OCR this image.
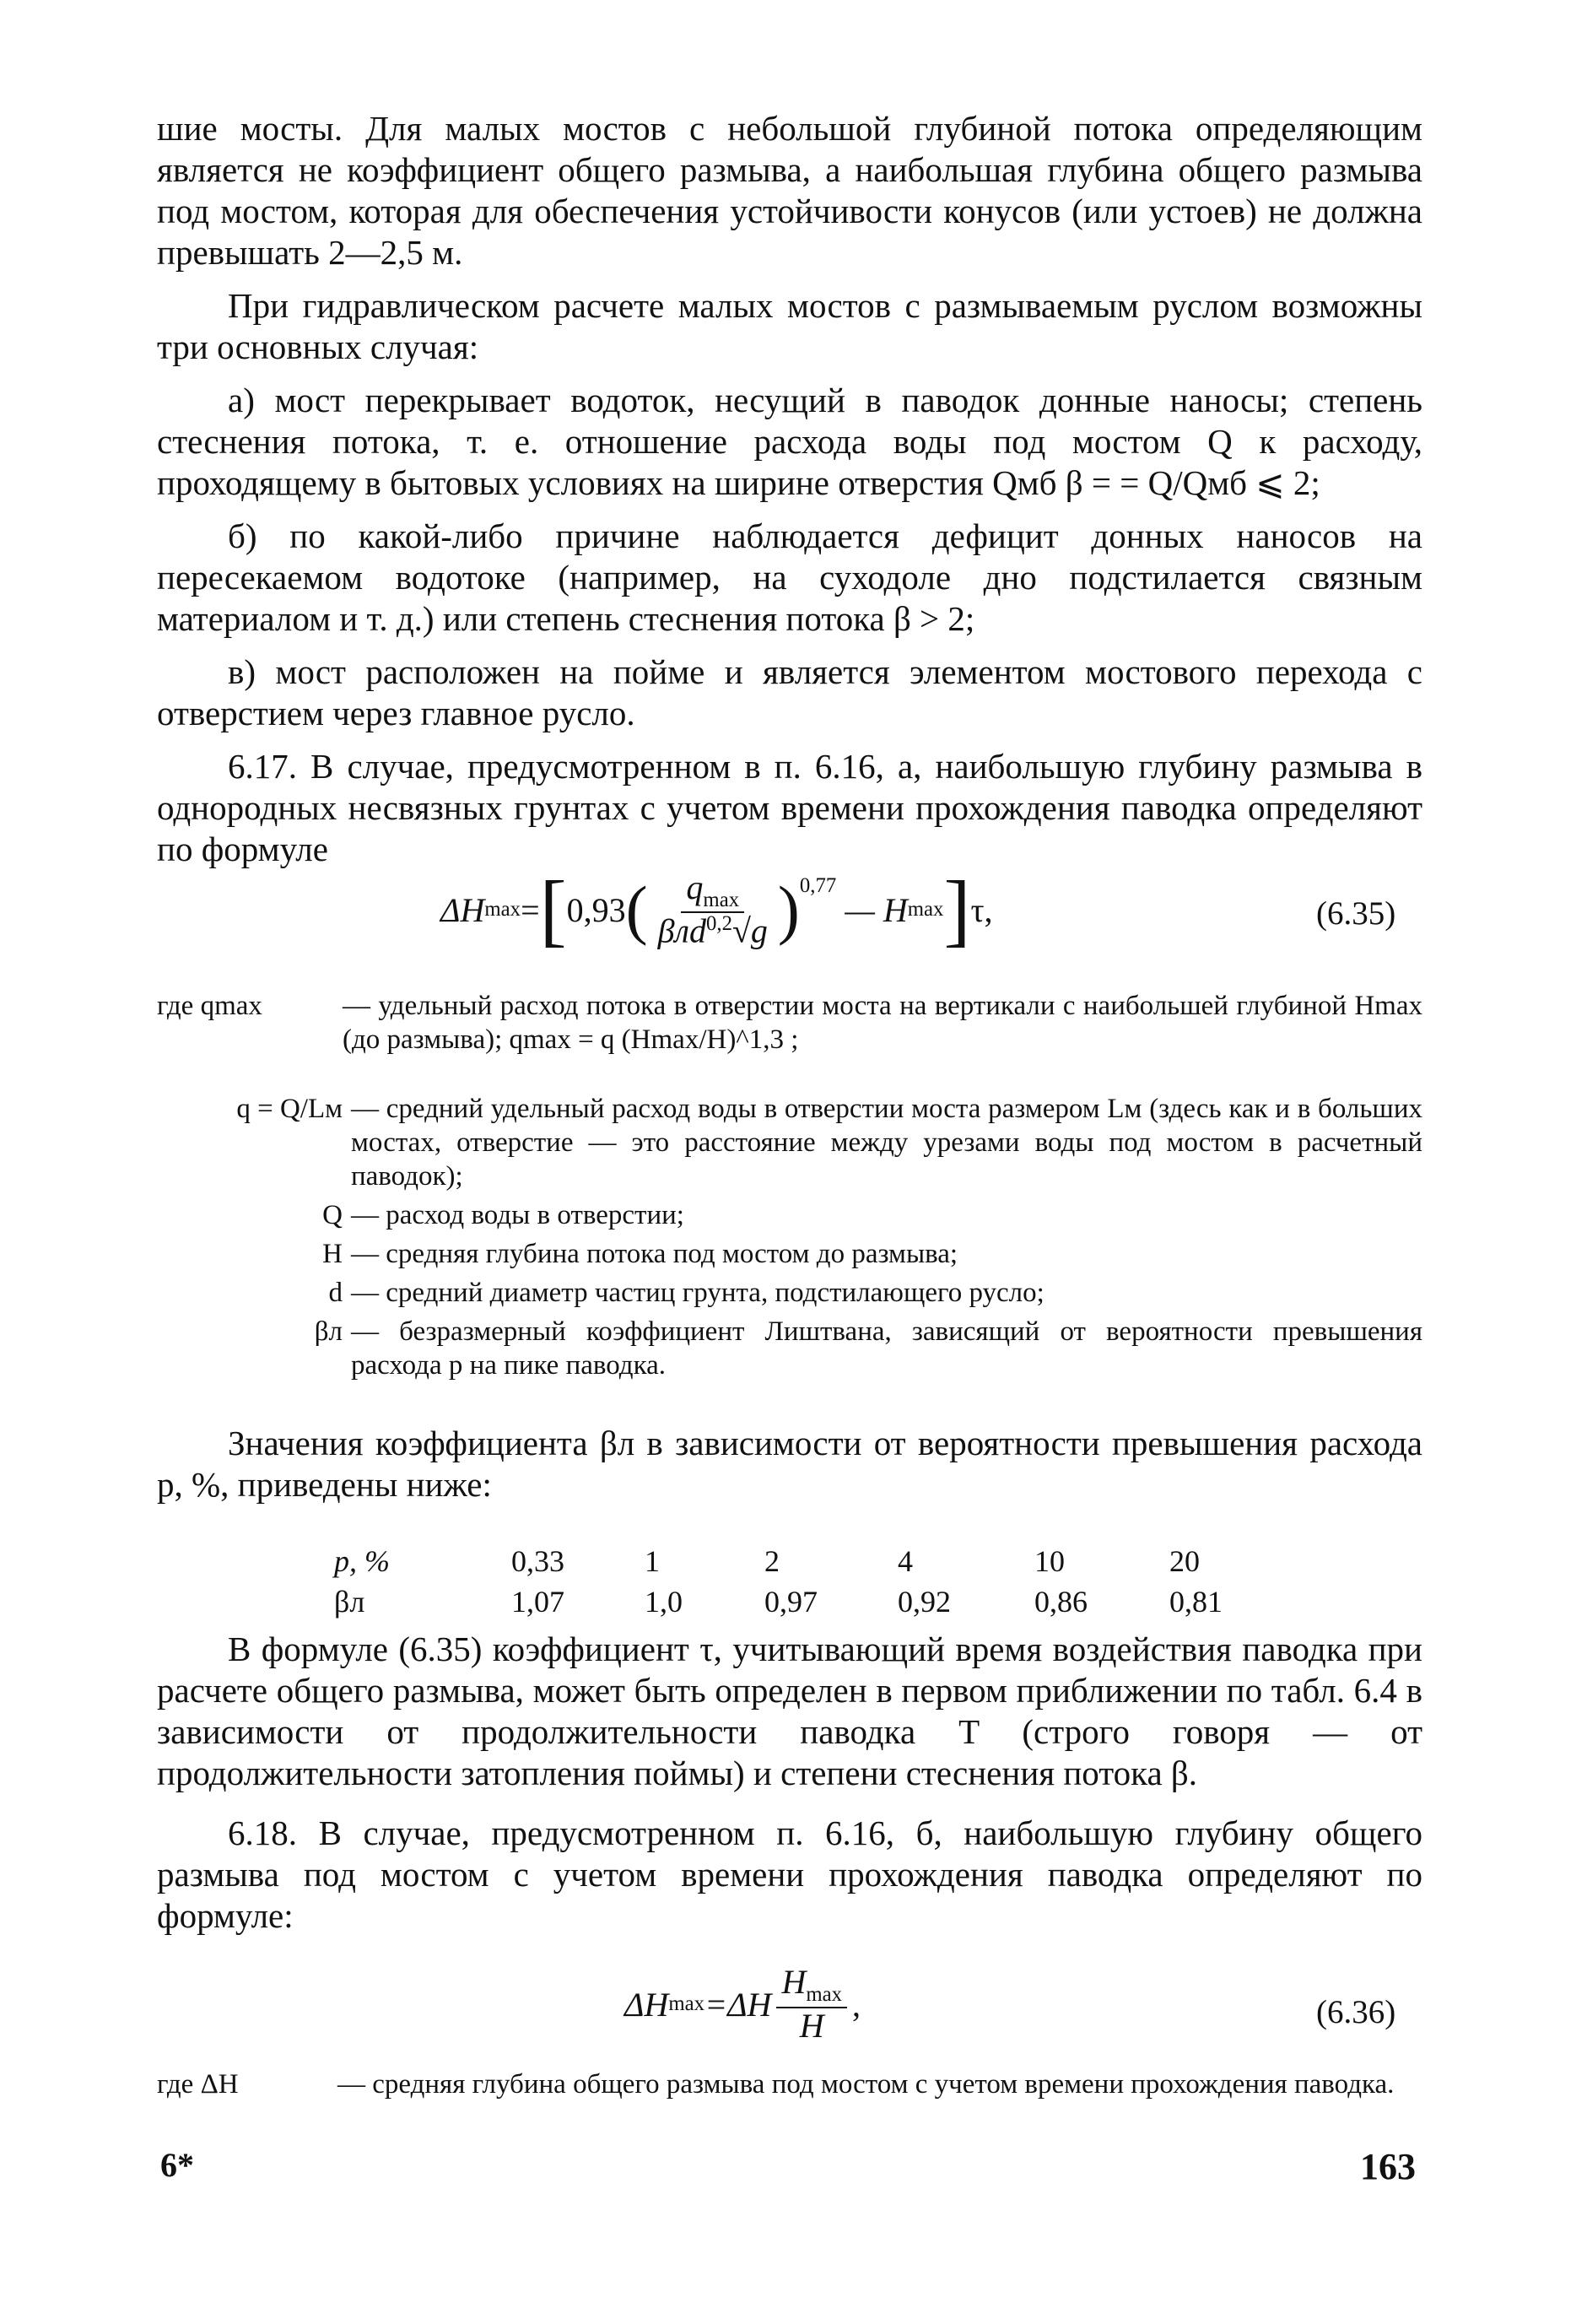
шие мосты. Для малых мостов с небольшой глубиной потока определяющим является не коэффициент общего размыва, а наибольшая глубина общего размыва под мостом, которая для обеспечения устойчивости конусов (или устоев) не должна превышать 2—2,5 м.

При гидравлическом расчете малых мостов с размываемым руслом возможны три основных случая:

а) мост перекрывает водоток, несущий в паводок донные наносы; степень стеснения потока, т. е. отношение расхода воды под мостом Q к расходу, проходящему в бытовых условиях на ширине отверстия Qмб β = = Q/Qмб ⩽ 2;

б) по какой-либо причине наблюдается дефицит донных наносов на пересекаемом водотоке (например, на суходоле дно подстилается связным материалом и т. д.) или степень стеснения потока β > 2;

в) мост расположен на пойме и является элементом мостового перехода с отверстием через главное русло.

6.17. В случае, предусмотренном в п. 6.16, а, наибольшую глубину размыва в однородных несвязных грунтах с учетом времени прохождения паводка определяют по формуле

ΔH max = [ 0,93 ( $\frac{q_{max}}{\beta лd^{0,2}√g} )^{0,77}$
— H max ] τ,	(6.35)
где qmax	— удельный расход потока в отверстии моста на вертикали с наибольшей глубиной Hmax (до размыва); qmax = q (Hmax/H)^1,3 ;
q = Q/Lм — средний удельный расход воды в отверстии моста размером Lм (здесь как и в больших мостах, отверстие — это расстояние между урезами воды под мостом в расчетный паводок);
Q — расход воды в отверстии;
H — средняя глубина потока под мостом до размыва;
d — средний диаметр частиц грунта, подстилающего русло;
βл — безразмерный коэффициент Лиштвана, зависящий от вероятности превышения расхода p на пике паводка.

Значения коэффициента βл в зависимости от вероятности превышения расхода p, %, приведены ниже:

p, %	0,33	1	2	4	10	20
βл	1,07	1,0	0,97	0,92	0,86	0,81

В формуле (6.35) коэффициент τ, учитывающий время воздействия паводка при расчете общего размыва, может быть определен в первом приближении по табл. 6.4 в зависимости от продолжительности паводка T (строго говоря — от продолжительности затопления поймы) и степени стеснения потока β.

6.18. В случае, предусмотренном п. 6.16, б, наибольшую глубину общего размыва под мостом с учетом времени прохождения паводка определяют по формуле:

ΔH $\max =\Delta H \frac{H_{max}}{H}$ ,	(6.36)
где ΔH	— средняя глубина общего размыва под мостом с учетом времени прохождения паводка.
6*	163
